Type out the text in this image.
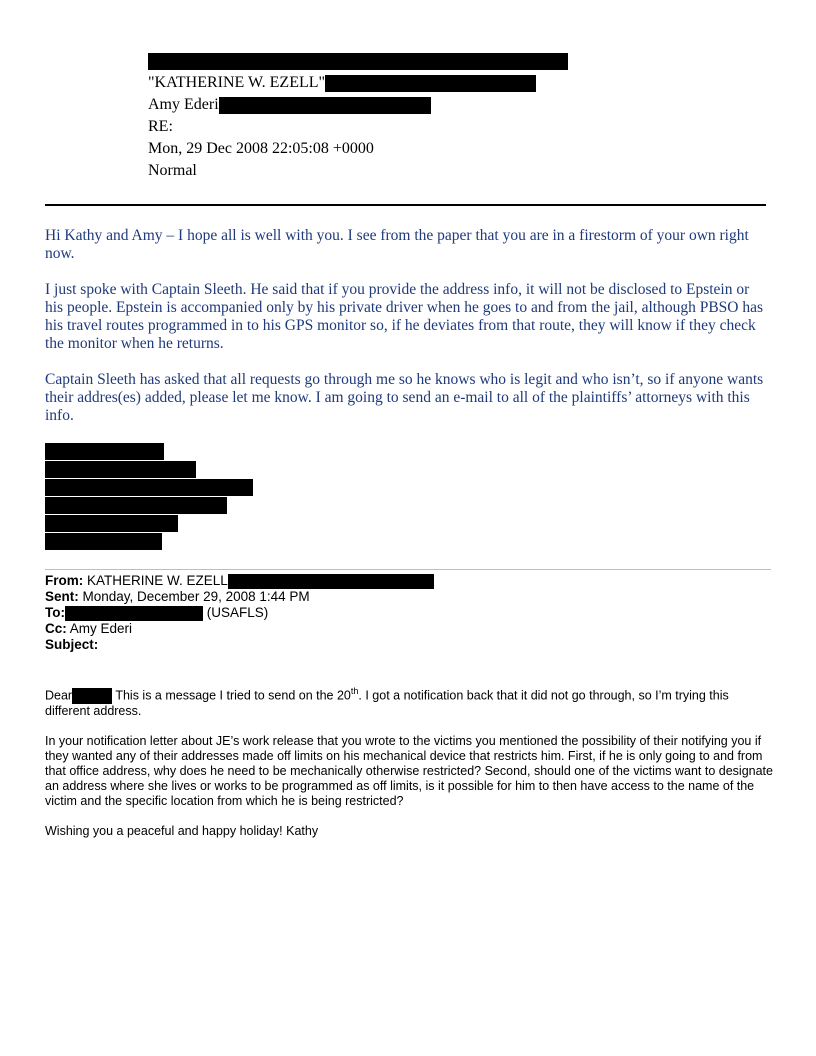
"KATHERINE W. EZELL"
Amy Ederi
RE:
Mon, 29 Dec 2008 22:05:08 +0000
Normal

Hi Kathy and Amy – I hope all is well with you. I see from the paper that you are in a firestorm of your own right now.

I just spoke with Captain Sleeth. He said that if you provide the address info, it will not be disclosed to Epstein or his people. Epstein is accompanied only by his private driver when he goes to and from the jail, although PBSO has his travel routes programmed in to his GPS monitor so, if he deviates from that route, they will know if they check the monitor when he returns.

Captain Sleeth has asked that all requests go through me so he knows who is legit and who isn’t, so if anyone wants their addres(es) added, please let me know. I am going to send an e-mail to all of the plaintiffs’ attorneys with this info.

From: KATHERINE W. EZELL
Sent: Monday, December 29, 2008 1:44 PM
To:	(USAFLS)
Cc: Amy Ederi
Subject:

Dear	This is a message I tried to send on the 20th. I got a notification back that it did not go through, so I’m trying this different address.

In your notification letter about JE’s work release that you wrote to the victims you mentioned the possibility of their notifying you if they wanted any of their addresses made off limits on his mechanical device that restricts him. First, if he is only going to and from that office address, why does he need to be mechanically otherwise restricted? Second, should one of the victims want to designate an address where she lives or works to be programmed as off limits, is it possible for him to then have access to the name of the victim and the specific location from which he is being restricted?

Wishing you a peaceful and happy holiday! Kathy
